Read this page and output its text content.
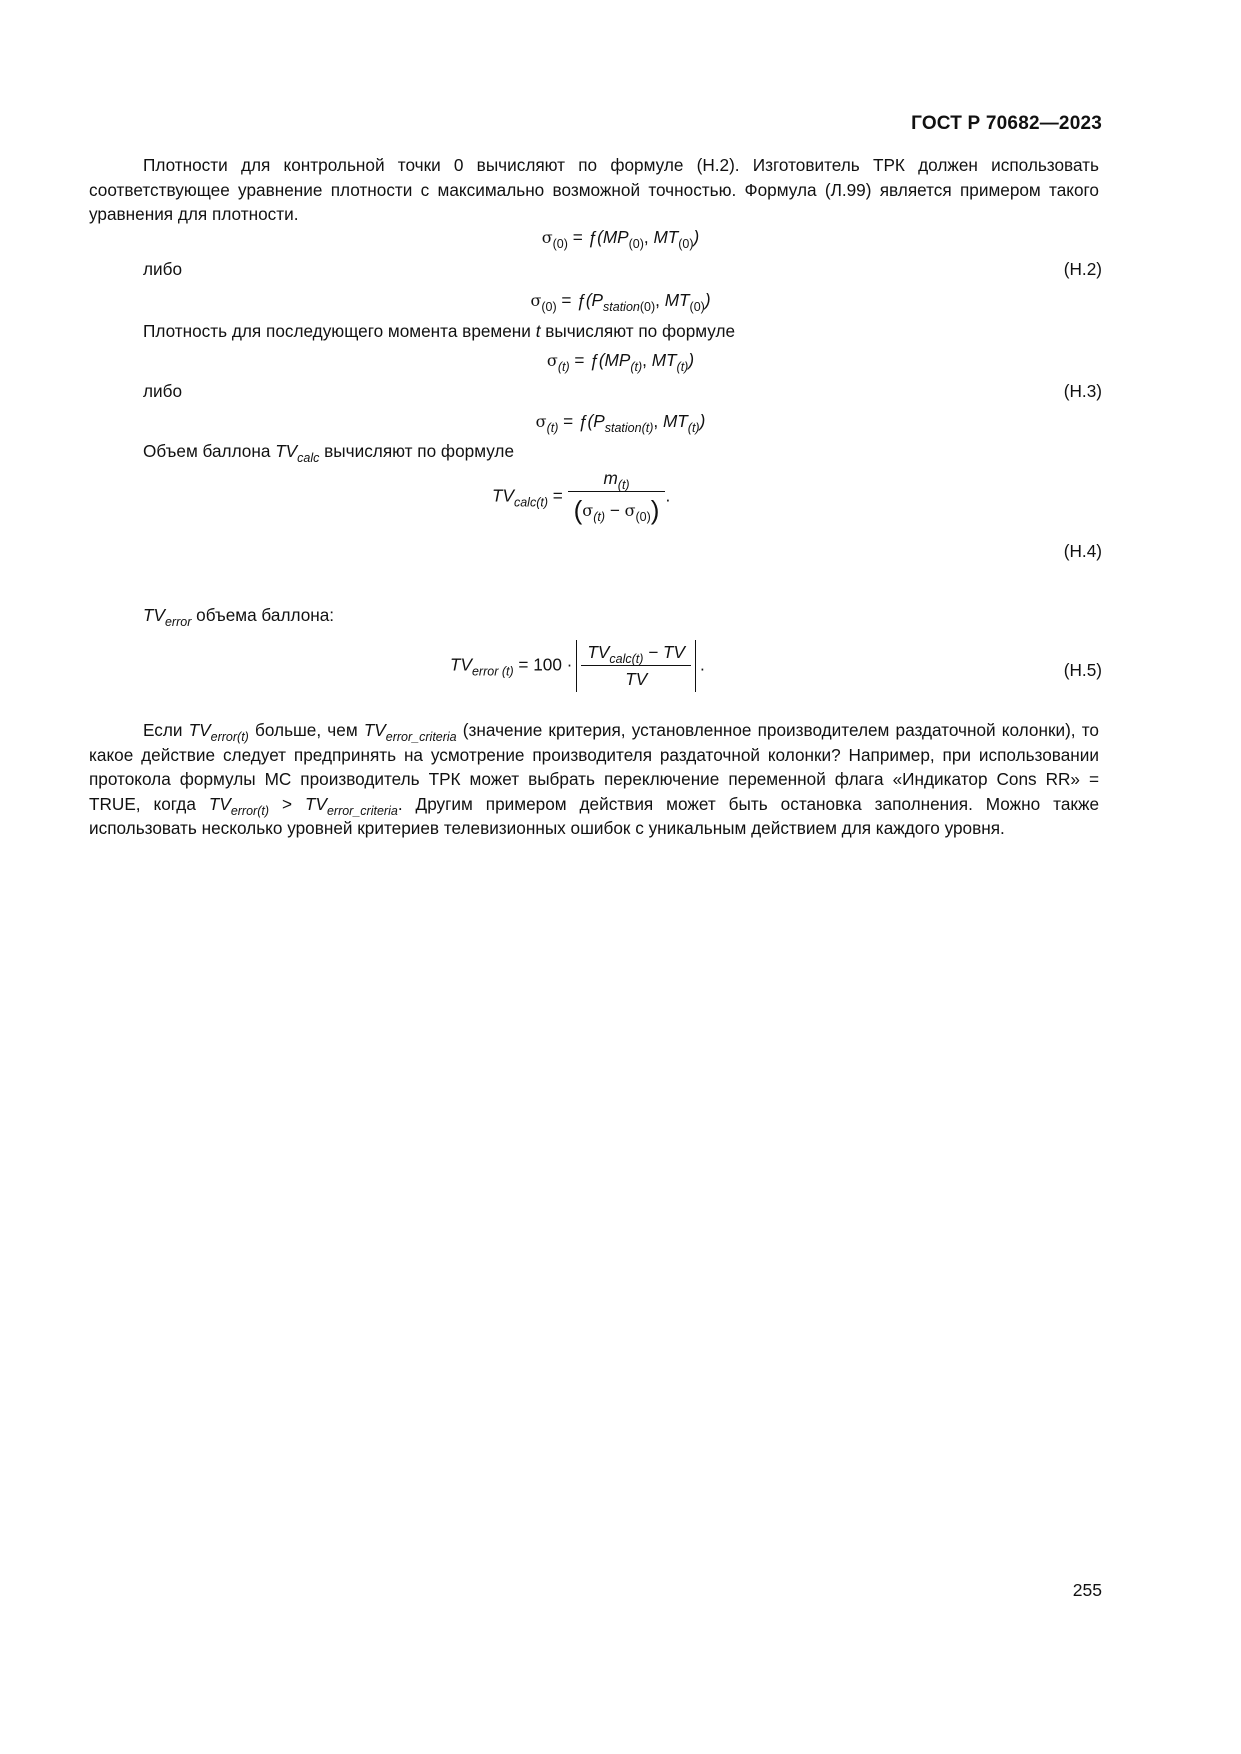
ГОСТ Р 70682—2023

Плотности для контрольной точки 0 вычисляют по формуле (Н.2). Изготовитель ТРК должен использовать соответствующее уравнение плотности с максимально возможной точностью. Формула (Л.99) является примером такого уравнения для плотности.

$\sigma_{(0)}$ = $ƒ(MP_{(0)}$, $MT_{(0)}$)
либо	(Н.2)
$\sigma_{(0)}$ = $ƒ(P_{station(0)}$, $MT_{(0)}$)
Плотность для последующего момента времени t вычисляют по формуле
$\sigma_{(t)}$ = $ƒ(MP_{(t)}$, $MT_{(t)}$)
либо	(Н.3)
$\sigma_{(t)}$ = $ƒ(P_{station(t)}$, $MT_{(t)}$)
Объем баллона $TV_{calc}$ вычисляют по формуле
$TV_{calc(t)} = \frac{m_{(t)}}{(\sigma_{(t)} - \sigma_{(0)})}$ .
(Н.4)
$TV_{error}$ объема баллона:
$TV_{error (t)} = 100 \cdot \frac{TV_{calc(t)} - TV}{TV}$ .	(Н.5)

Если $TV_{error(t)}$ больше, чем $TV_{error\_criteria}$ (значение критерия, установленное производителем раздаточной колонки), то какое действие следует предпринять на усмотрение производителя раздаточной колонки? Например, при использовании протокола формулы МС производитель ТРК может выбрать переключение переменной флага «Индикатор Cons RR» = TRUE, когда $TV_{error(t)} > TV_{error\_criteria}$. Другим примером действия может быть остановка заполнения. Можно также использовать несколько уровней критериев телевизионных ошибок с уникальным действием для каждого уровня.

255
